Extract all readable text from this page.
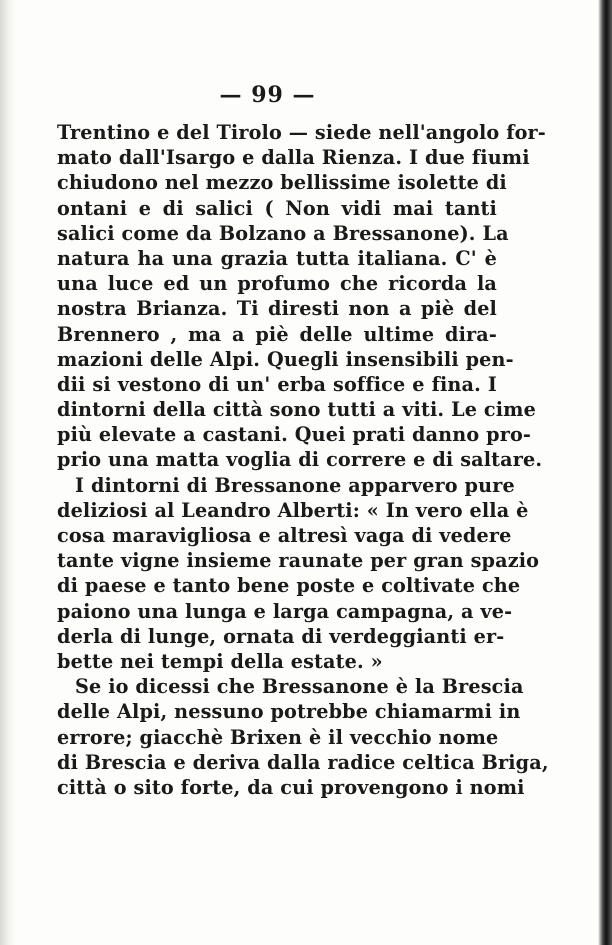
— 99 —
Trentino e del Tirolo — siede nell'angolo for-
mato dall'Isargo e dalla Rienza. I due fiumi
chiudono nel mezzo bellissime isolette di
ontani e di salici ( Non vidi mai tanti
salici come da Bolzano a Bressanone). La
natura ha una grazia tutta italiana. C' è
una luce ed un profumo che ricorda la
nostra Brianza. Ti diresti non a piè del
Brennero , ma a piè delle ultime dira-
mazioni delle Alpi. Quegli insensibili pen-
dii si vestono di un' erba soffice e fina. I
dintorni della città sono tutti a viti. Le cime
più elevate a castani. Quei prati danno pro-
prio una matta voglia di correre e di saltare.
I dintorni di Bressanone apparvero pure
deliziosi al Leandro Alberti: « In vero ella è
cosa maravigliosa e altresì vaga di vedere
tante vigne insieme raunate per gran spazio
di paese e tanto bene poste e coltivate che
paiono una lunga e larga campagna, a ve-
derla di lunge, ornata di verdeggianti er-
bette nei tempi della estate. »
Se io dicessi che Bressanone è la Brescia
delle Alpi, nessuno potrebbe chiamarmi in
errore; giacchè Brixen è il vecchio nome
di Brescia e deriva dalla radice celtica Briga,
città o sito forte, da cui provengono i nomi
